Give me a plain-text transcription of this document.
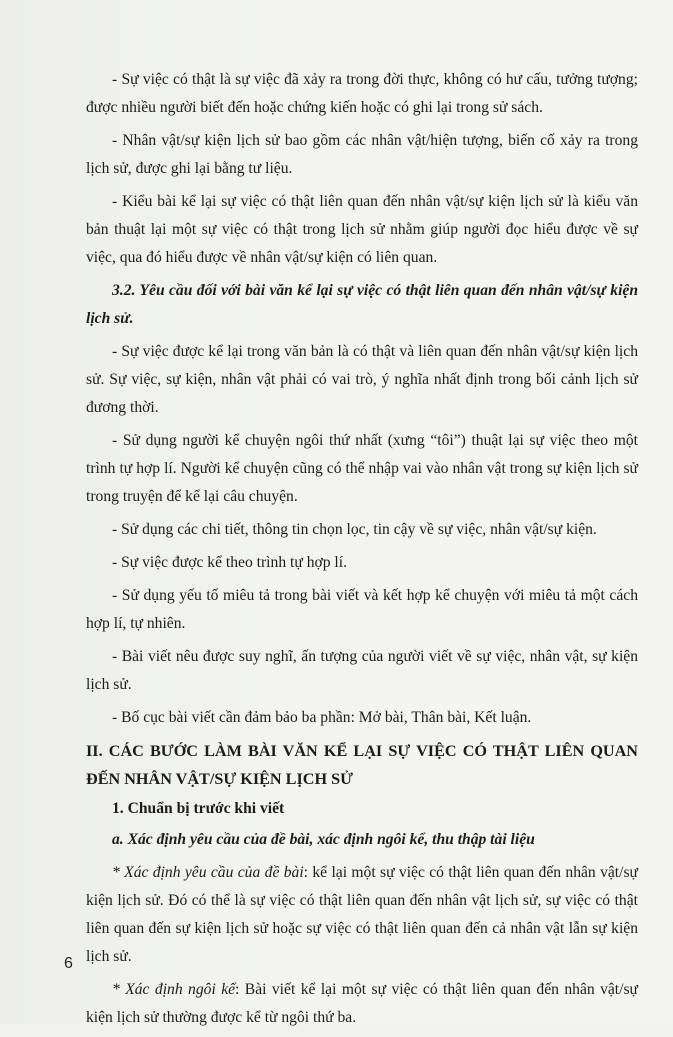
- Sự việc có thật là sự việc đã xảy ra trong đời thực, không có hư cấu, tưởng tượng; được nhiều người biết đến hoặc chứng kiến hoặc có ghi lại trong sử sách.

- Nhân vật/sự kiện lịch sử bao gồm các nhân vật/hiện tượng, biến cố xảy ra trong lịch sử, được ghi lại bằng tư liệu.

- Kiểu bài kể lại sự việc có thật liên quan đến nhân vật/sự kiện lịch sử là kiểu văn bản thuật lại một sự việc có thật trong lịch sử nhằm giúp người đọc hiểu được về sự việc, qua đó hiểu được về nhân vật/sự kiện có liên quan.

3.2. Yêu cầu đối với bài văn kể lại sự việc có thật liên quan đến nhân vật/sự kiện lịch sử.

- Sự việc được kể lại trong văn bản là có thật và liên quan đến nhân vật/sự kiện lịch sử. Sự việc, sự kiện, nhân vật phải có vai trò, ý nghĩa nhất định trong bối cảnh lịch sử đương thời.

- Sử dụng người kể chuyện ngôi thứ nhất (xưng “tôi”) thuật lại sự việc theo một trình tự hợp lí. Người kể chuyện cũng có thể nhập vai vào nhân vật trong sự kiện lịch sử trong truyện để kể lại câu chuyện.

- Sử dụng các chi tiết, thông tin chọn lọc, tin cậy về sự việc, nhân vật/sự kiện.

- Sự việc được kể theo trình tự hợp lí.

- Sử dụng yếu tố miêu tả trong bài viết và kết hợp kể chuyện với miêu tả một cách hợp lí, tự nhiên.

- Bài viết nêu được suy nghĩ, ấn tượng của người viết về sự việc, nhân vật, sự kiện lịch sử.

- Bố cục bài viết cần đảm bảo ba phần: Mở bài, Thân bài, Kết luận.

II. CÁC BƯỚC LÀM BÀI VĂN KỂ LẠI SỰ VIỆC CÓ THẬT LIÊN QUAN ĐẾN NHÂN VẬT/SỰ KIỆN LỊCH SỬ
1. Chuẩn bị trước khi viết

a. Xác định yêu cầu của đề bài, xác định ngôi kể, thu thập tài liệu

* Xác định yêu cầu của đề bài: kể lại một sự việc có thật liên quan đến nhân vật/sự kiện lịch sử. Đó có thể là sự việc có thật liên quan đến nhân vật lịch sử, sự việc có thật liên quan đến sự kiện lịch sử hoặc sự việc có thật liên quan đến cả nhân vật lẫn sự kiện lịch sử.

* Xác định ngôi kể: Bài viết kể lại một sự việc có thật liên quan đến nhân vật/sự kiện lịch sử thường được kể từ ngôi thứ ba.

6
